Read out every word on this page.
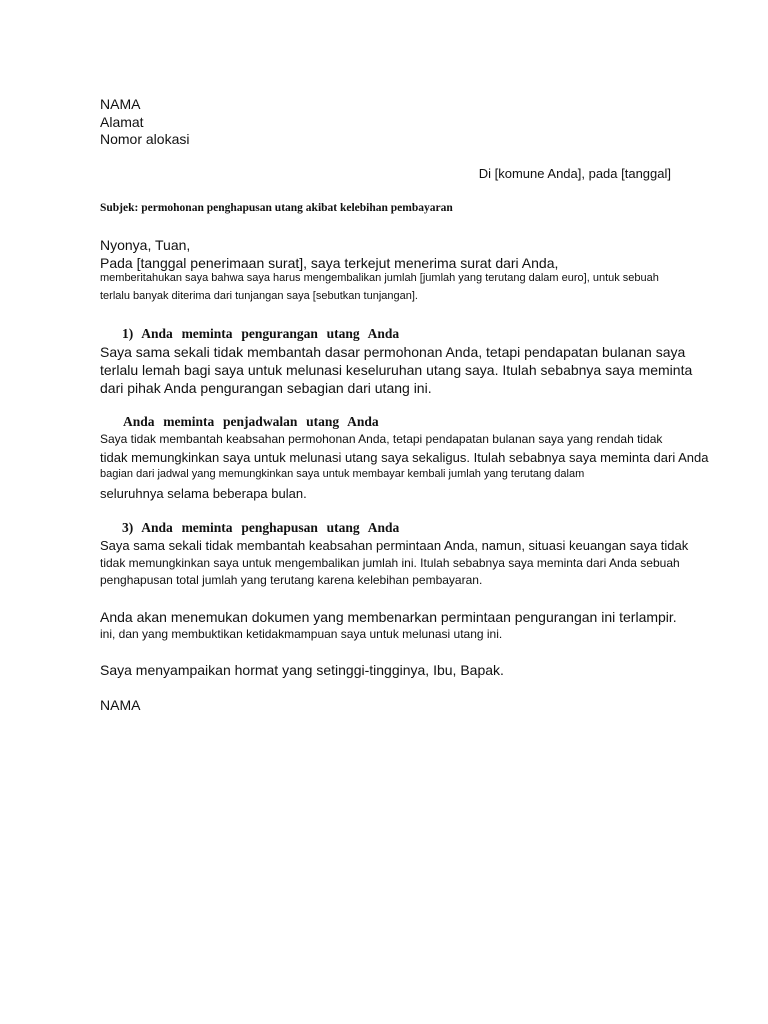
NAMA
Alamat
Nomor alokasi
Di [komune Anda], pada [tanggal]
Subjek: permohonan penghapusan utang akibat kelebihan pembayaran
Nyonya, Tuan,
Pada [tanggal penerimaan surat], saya terkejut menerima surat dari Anda,
memberitahukan saya bahwa saya harus mengembalikan jumlah [jumlah yang terutang dalam euro], untuk sebuah
terlalu banyak diterima dari tunjangan saya [sebutkan tunjangan].
1) Anda meminta pengurangan utang Anda
Saya sama sekali tidak membantah dasar permohonan Anda, tetapi pendapatan bulanan saya
terlalu lemah bagi saya untuk melunasi keseluruhan utang saya. Itulah sebabnya saya meminta
dari pihak Anda pengurangan sebagian dari utang ini.
Anda meminta penjadwalan utang Anda
Saya tidak membantah keabsahan permohonan Anda, tetapi pendapatan bulanan saya yang rendah tidak
tidak memungkinkan saya untuk melunasi utang saya sekaligus. Itulah sebabnya saya meminta dari Anda
bagian dari jadwal yang memungkinkan saya untuk membayar kembali jumlah yang terutang dalam
seluruhnya selama beberapa bulan.
3) Anda meminta penghapusan utang Anda
Saya sama sekali tidak membantah keabsahan permintaan Anda, namun, situasi keuangan saya tidak
tidak memungkinkan saya untuk mengembalikan jumlah ini. Itulah sebabnya saya meminta dari Anda sebuah
penghapusan total jumlah yang terutang karena kelebihan pembayaran.
Anda akan menemukan dokumen yang membenarkan permintaan pengurangan ini terlampir.
ini, dan yang membuktikan ketidakmampuan saya untuk melunasi utang ini.
Saya menyampaikan hormat yang setinggi-tingginya, Ibu, Bapak.
NAMA
